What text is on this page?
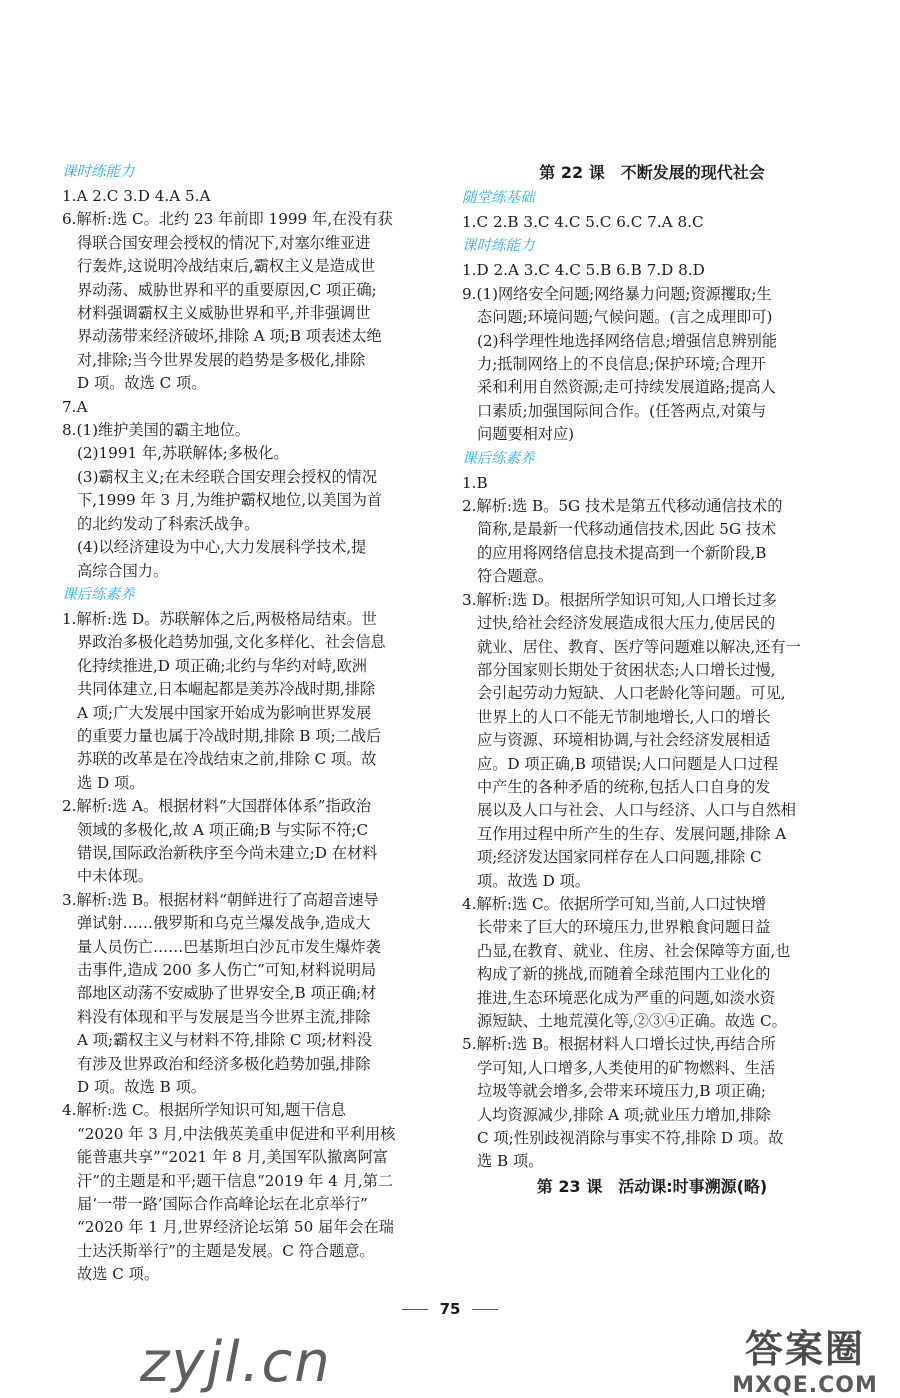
课时练能力

1.A 2.C 3.D 4.A 5.A

6.解析:选 C。北约 23 年前即 1999 年,在没有获
得联合国安理会授权的情况下,对塞尔维亚进
行轰炸,这说明冷战结束后,霸权主义是造成世
界动荡、威胁世界和平的重要原因,C 项正确;
材料强调霸权主义威胁世界和平,并非强调世
界动荡带来经济破坏,排除 A 项;B 项表述太绝
对,排除;当今世界发展的趋势是多极化,排除
D 项。故选 C 项。

7.A

8.(1)维护美国的霸主地位。

(2)1991 年,苏联解体;多极化。

(3)霸权主义;在未经联合国安理会授权的情况
下,1999 年 3 月,为维护霸权地位,以美国为首
的北约发动了科索沃战争。
(4)以经济建设为中心,大力发展科学技术,提
高综合国力。
课后练素养
1.解析:选 D。苏联解体之后,两极格局结束。世
界政治多极化趋势加强,文化多样化、社会信息
化持续推进,D 项正确;北约与华约对峙,欧洲
共同体建立,日本崛起都是美苏冷战时期,排除
A 项;广大发展中国家开始成为影响世界发展
的重要力量也属于冷战时期,排除 B 项;二战后
苏联的改革是在冷战结束之前,排除 C 项。故
选 D 项。
2.解析:选 A。根据材料“大国群体体系”指政治
领域的多极化,故 A 项正确;B 与实际不符;C
错误,国际政治新秩序至今尚未建立;D 在材料
中未体现。
3.解析:选 B。根据材料“朝鲜进行了高超音速导
弹试射……俄罗斯和乌克兰爆发战争,造成大
量人员伤亡……巴基斯坦白沙瓦市发生爆炸袭
击事件,造成 200 多人伤亡”可知,材料说明局
部地区动荡不安威胁了世界安全,B 项正确;材
料没有体现和平与发展是当今世界主流,排除
A 项;霸权主义与材料不符,排除 C 项;材料没
有涉及世界政治和经济多极化趋势加强,排除
D 项。故选 B 项。
4.解析:选 C。根据所学知识可知,题干信息
“2020 年 3 月,中法俄英美重申促进和平利用核
能普惠共享”“2021 年 8 月,美国军队撤离阿富
汗”的主题是和平;题干信息“2019 年 4 月,第二
届‘一带一路’国际合作高峰论坛在北京举行”
“2020 年 1 月,世界经济论坛第 50 届年会在瑞
士达沃斯举行”的主题是发展。C 符合题意。
故选 C 项。
第 22 课　不断发展的现代社会
随堂练基础

1.C 2.B 3.C 4.C 5.C 6.C 7.A 8.C

课时练能力

1.D 2.A 3.C 4.C 5.B 6.B 7.D 8.D

9.(1)网络安全问题;网络暴力问题;资源攫取;生
态问题;环境问题;气候问题。(言之成理即可)
(2)科学理性地选择网络信息;增强信息辨别能
力;抵制网络上的不良信息;保护环境;合理开
采和利用自然资源;走可持续发展道路;提高人
口素质;加强国际间合作。(任答两点,对策与
问题要相对应)
课后练素养

1.B

2.解析:选 B。5G 技术是第五代移动通信技术的
简称,是最新一代移动通信技术,因此 5G 技术
的应用将网络信息技术提高到一个新阶段,B
符合题意。
3.解析:选 D。根据所学知识可知,人口增长过多
过快,给社会经济发展造成很大压力,使居民的
就业、居住、教育、医疗等问题难以解决,还有一
部分国家则长期处于贫困状态;人口增长过慢,
会引起劳动力短缺、人口老龄化等问题。可见,
世界上的人口不能无节制地增长,人口的增长
应与资源、环境相协调,与社会经济发展相适
应。D 项正确,B 项错误;人口问题是人口过程
中产生的各种矛盾的统称,包括人口自身的发
展以及人口与社会、人口与经济、人口与自然相
互作用过程中所产生的生存、发展问题,排除 A
项;经济发达国家同样存在人口问题,排除 C
项。故选 D 项。
4.解析:选 C。依据所学可知,当前,人口过快增
长带来了巨大的环境压力,世界粮食问题日益
凸显,在教育、就业、住房、社会保障等方面,也
构成了新的挑战,而随着全球范围内工业化的
推进,生态环境恶化成为严重的问题,如淡水资
源短缺、土地荒漠化等,②③④正确。故选 C。
5.解析:选 B。根据材料人口增长过快,再结合所
学可知,人口增多,人类使用的矿物燃料、生活
垃圾等就会增多,会带来环境压力,B 项正确;
人均资源减少,排除 A 项;就业压力增加,排除
C 项;性别歧视消除与事实不符,排除 D 项。故
选 B 项。
第 23 课　活动课:时事溯源(略)
75
zyjl.cn	答案圈
MXQE.COM
